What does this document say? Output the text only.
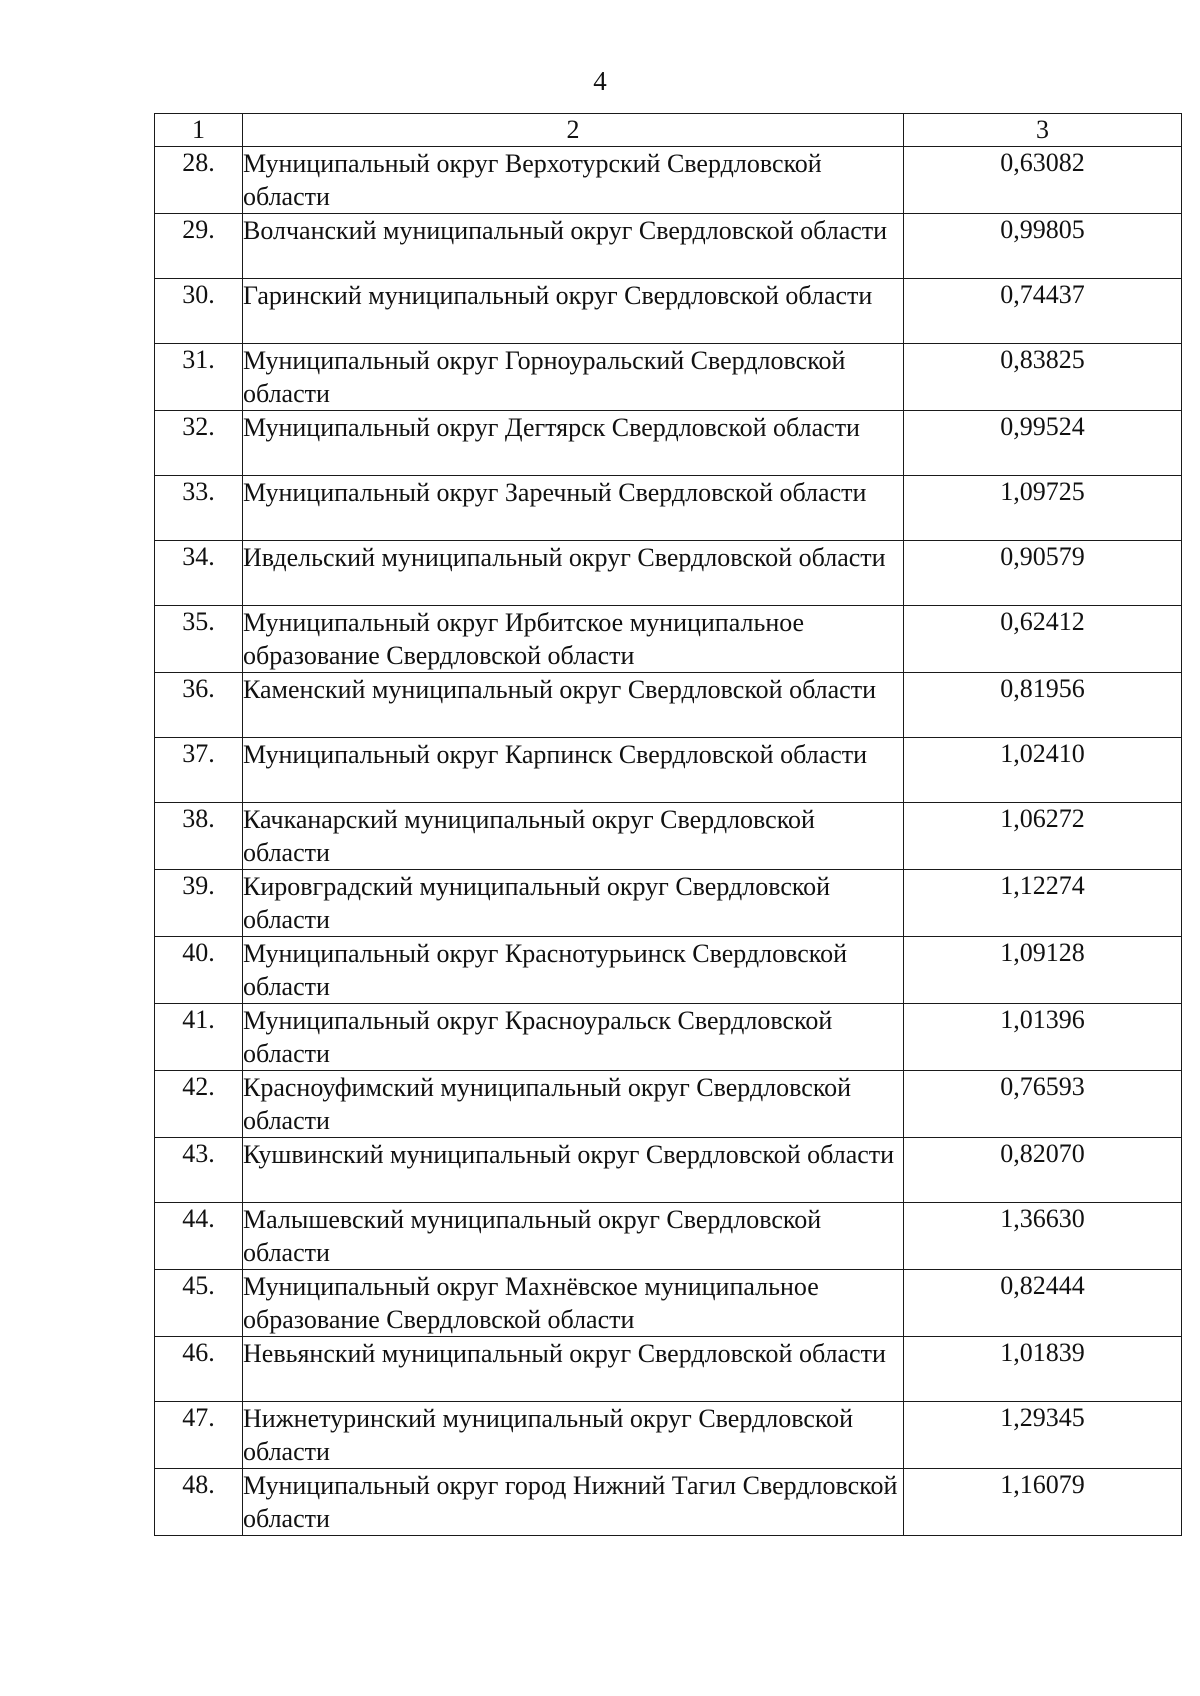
4
1	2	3
28.	Муниципальный округ Верхотурский Свердловской области	0,63082
29.	Волчанский муниципальный округ Свердловской области	0,99805
30.	Гаринский муниципальный округ Свердловской области	0,74437
31.	Муниципальный округ Горноуральский Свердловской области	0,83825
32.	Муниципальный округ Дегтярск Свердловской области	0,99524
33.	Муниципальный округ Заречный Свердловской области	1,09725
34.	Ивдельский муниципальный округ Свердловской области	0,90579
35.	Муниципальный округ Ирбитское муниципальное образование Свердловской области	0,62412
36.	Каменский муниципальный округ Свердловской области	0,81956
37.	Муниципальный округ Карпинск Свердловской области	1,02410
38.	Качканарский муниципальный округ Свердловской области	1,06272
39.	Кировградский муниципальный округ Свердловской области	1,12274
40.	Муниципальный округ Краснотурьинск Свердловской области	1,09128
41.	Муниципальный округ Красноуральск Свердловской области	1,01396
42.	Красноуфимский муниципальный округ Свердловской области	0,76593
43.	Кушвинский муниципальный округ Свердловской области	0,82070
44.	Малышевский муниципальный округ Свердловской области	1,36630
45.	Муниципальный округ Махнёвское муниципальное образование Свердловской области	0,82444
46.	Невьянский муниципальный округ Свердловской области	1,01839
47.	Нижнетуринский муниципальный округ Свердловской области	1,29345
48.	Муниципальный округ город Нижний Тагил Свердловской области	1,16079
